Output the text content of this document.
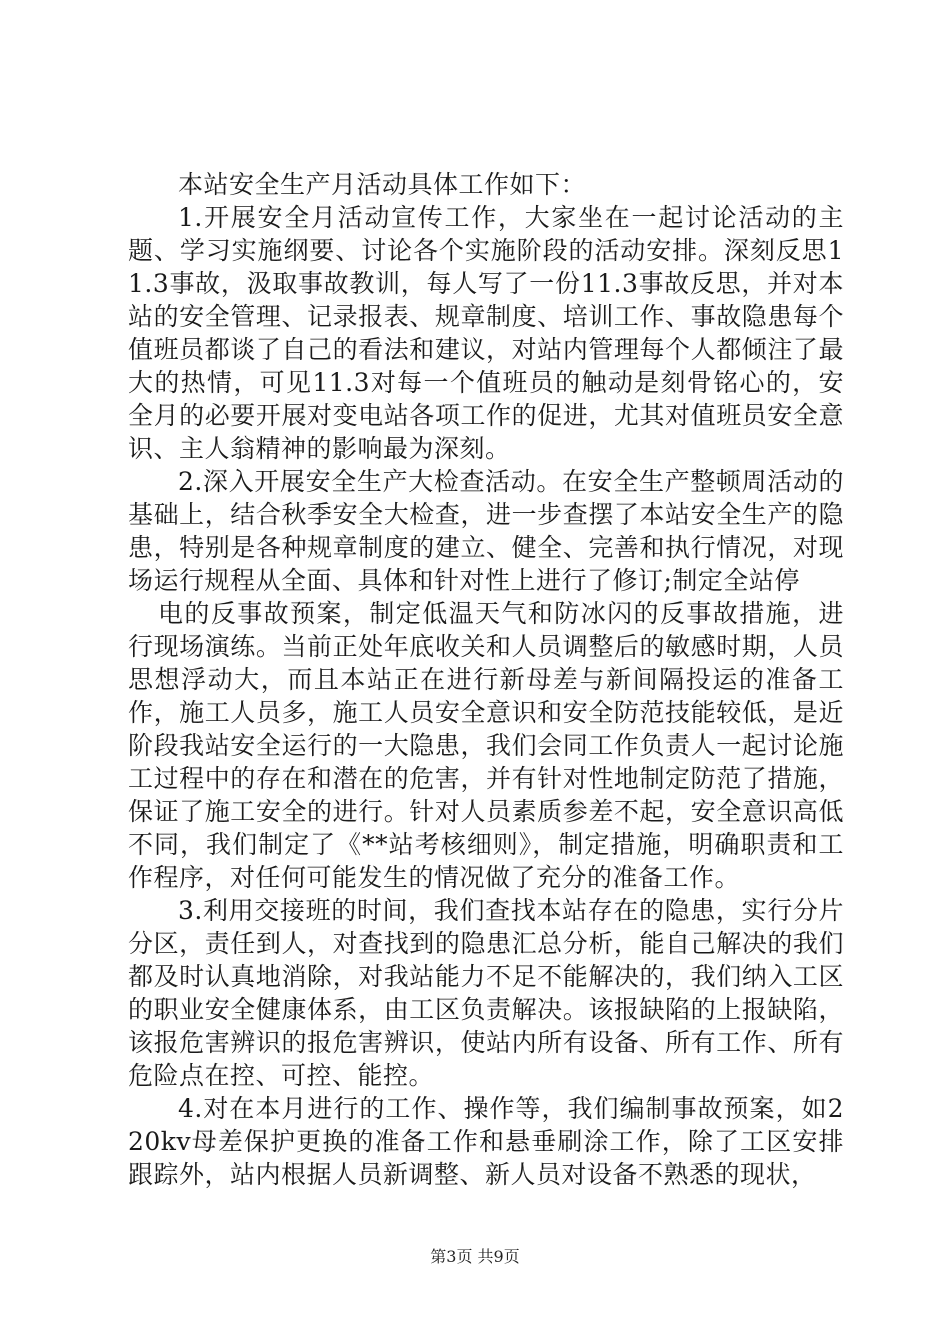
本站安全生产月活动具体工作如下：

1.开展安全月活动宣传工作，大家坐在一起讨论活动的主题、学习实施纲要、讨论各个实施阶段的活动安排。深刻反思11.3事故，汲取事故教训，每人写了一份11.3事故反思，并对本站的安全管理、记录报表、规章制度、培训工作、事故隐患每个值班员都谈了自己的看法和建议，对站内管理每个人都倾注了最大的热情，可见11.3对每一个值班员的触动是刻骨铭心的，安全月的必要开展对变电站各项工作的促进，尤其对值班员安全意识、主人翁精神的影响最为深刻。

2.深入开展安全生产大检查活动。在安全生产整顿周活动的基础上，结合秋季安全大检查，进一步查摆了本站安全生产的隐患，特别是各种规章制度的建立、健全、完善和执行情况，对现场运行规程从全面、具体和针对性上进行了修订;制定全站停

电的反事故预案，制定低温天气和防冰闪的反事故措施，进行现场演练。当前正处年底收关和人员调整后的敏感时期，人员思想浮动大，而且本站正在进行新母差与新间隔投运的准备工作，施工人员多，施工人员安全意识和安全防范技能较低，是近阶段我站安全运行的一大隐患，我们会同工作负责人一起讨论施工过程中的存在和潜在的危害，并有针对性地制定防范了措施，保证了施工安全的进行。针对人员素质参差不起，安全意识高低不同，我们制定了《**站考核细则》，制定措施，明确职责和工作程序，对任何可能发生的情况做了充分的准备工作。

3.利用交接班的时间，我们查找本站存在的隐患，实行分片分区，责任到人，对查找到的隐患汇总分析，能自己解决的我们都及时认真地消除，对我站能力不足不能解决的，我们纳入工区的职业安全健康体系，由工区负责解决。该报缺陷的上报缺陷，该报危害辨识的报危害辨识，使站内所有设备、所有工作、所有危险点在控、可控、能控。

4.对在本月进行的工作、操作等，我们编制事故预案，如220kv母差保护更换的准备工作和悬垂刷涂工作，除了工区安排跟踪外，站内根据人员新调整、新人员对设备不熟悉的现状，

第3页 共9页
